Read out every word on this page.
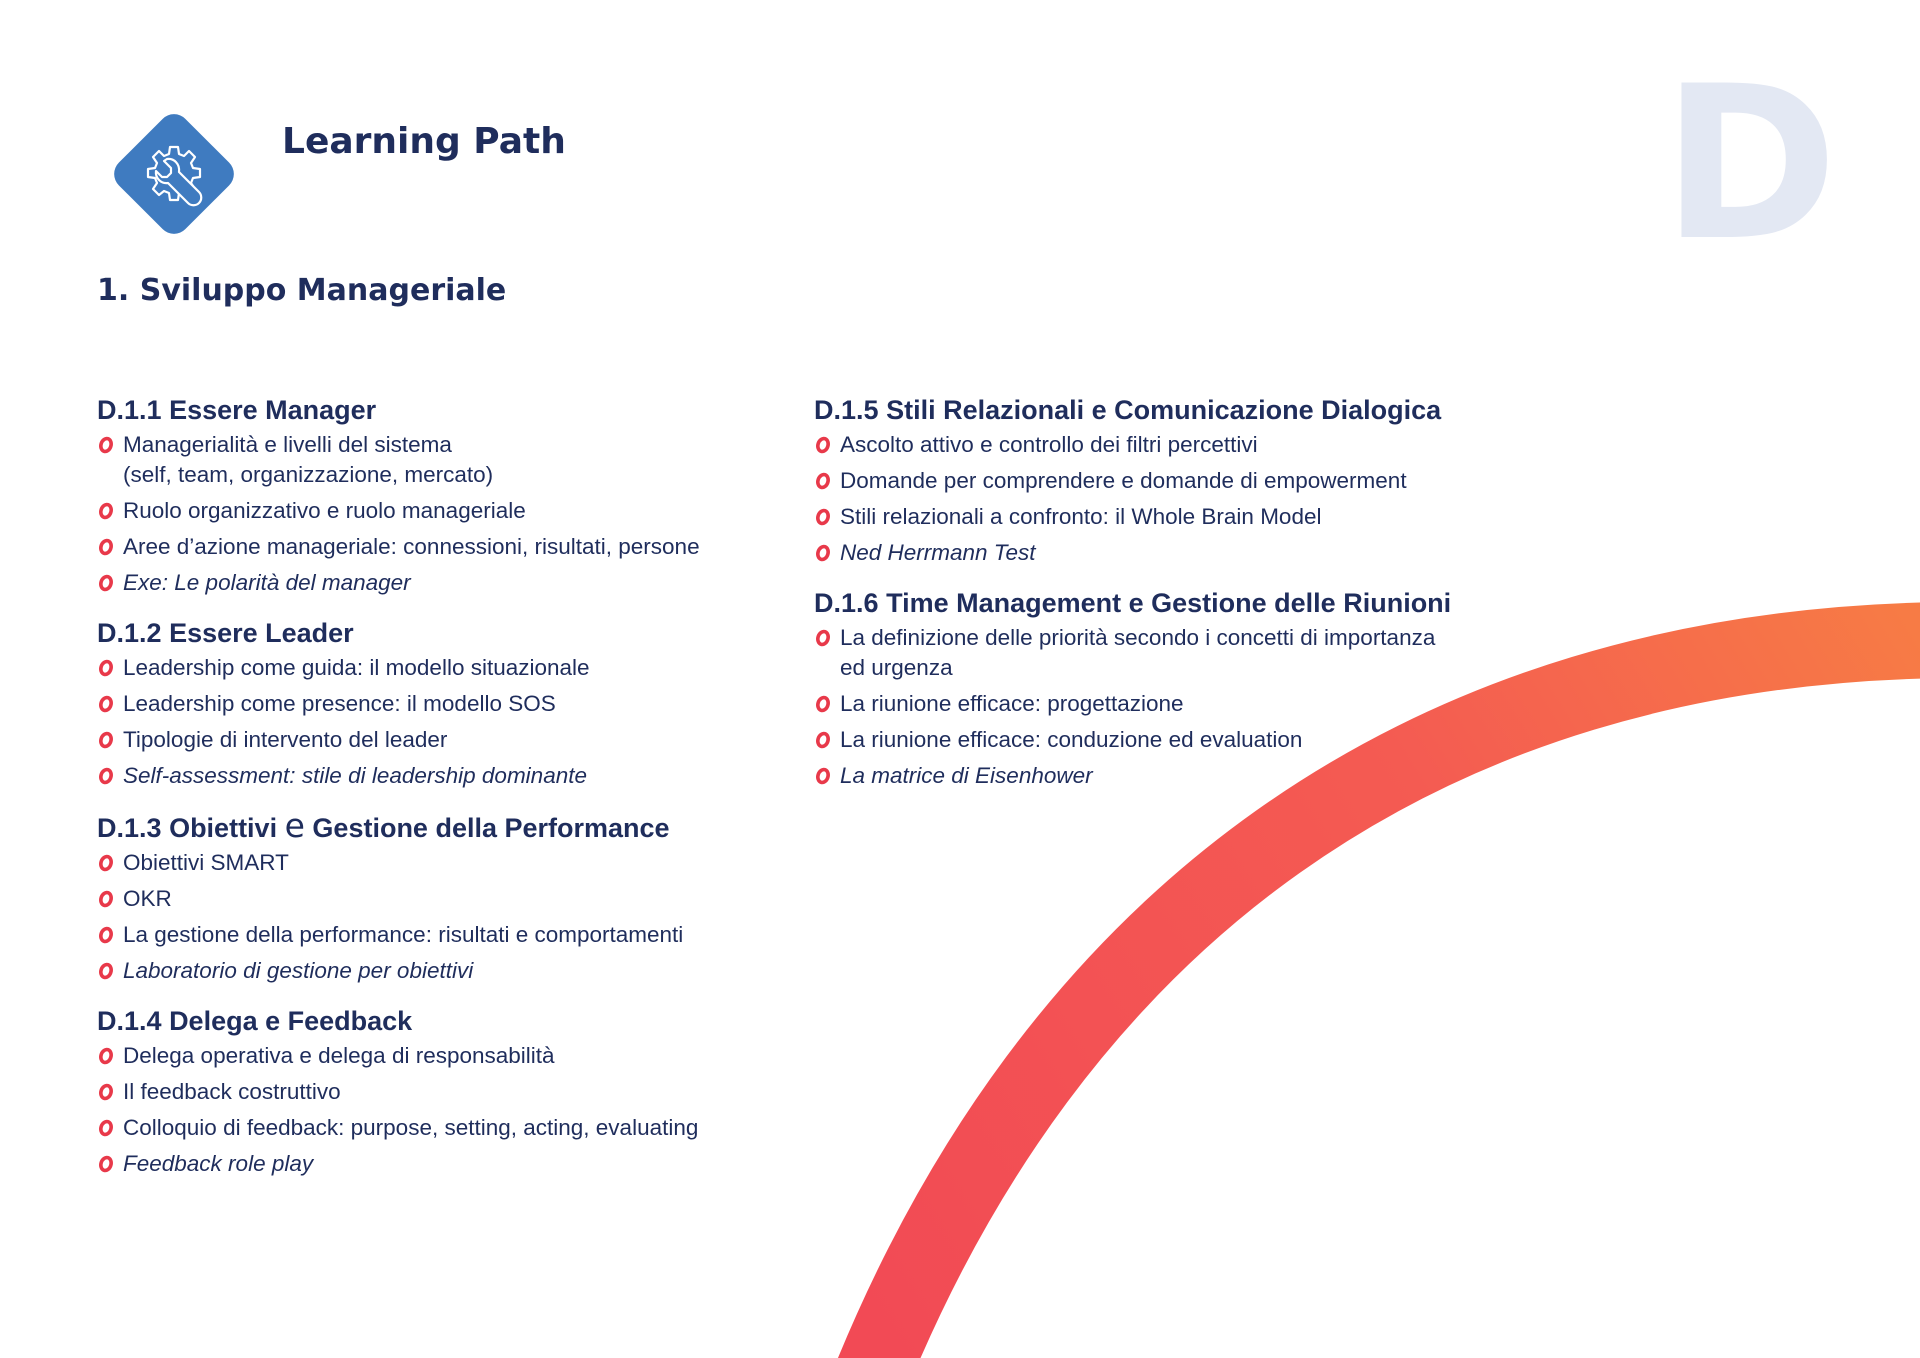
D
Learning Path
1. Sviluppo Manageriale
D.1.1 Essere Manager
Managerialità e livelli del sistema
(self, team, organizzazione, mercato)
Ruolo organizzativo e ruolo manageriale
Aree d’azione manageriale: connessioni, risultati, persone
Exe: Le polarità del manager
D.1.2 Essere Leader
Leadership come guida: il modello situazionale
Leadership come presence: il modello SOS
Tipologie di intervento del leader
Self-assessment: stile di leadership dominante
D.1.3 Obiettivi e Gestione della Performance
Obiettivi SMART
OKR
La gestione della performance: risultati e comportamenti
Laboratorio di gestione per obiettivi
D.1.4 Delega e Feedback
Delega operativa e delega di responsabilità
Il feedback costruttivo
Colloquio di feedback: purpose, setting, acting, evaluating
Feedback role play
D.1.5 Stili Relazionali e Comunicazione Dialogica
Ascolto attivo e controllo dei filtri percettivi
Domande per comprendere e domande di empowerment
Stili relazionali a confronto: il Whole Brain Model
Ned Herrmann Test
D.1.6 Time Management e Gestione delle Riunioni
La definizione delle priorità secondo i concetti di importanza
ed urgenza
La riunione efficace: progettazione
La riunione efficace: conduzione ed evaluation
La matrice di Eisenhower
